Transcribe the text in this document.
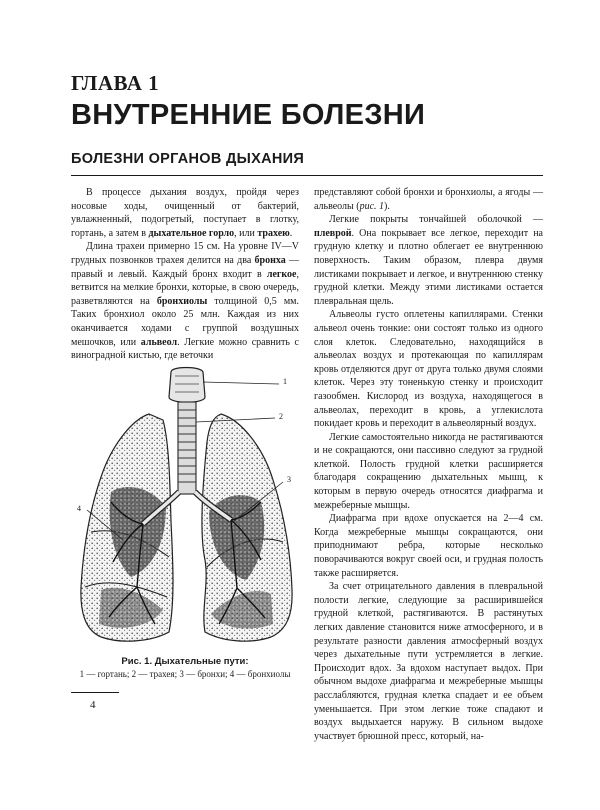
ГЛАВА 1
ВНУТРЕННИЕ БОЛЕЗНИ
БОЛЕЗНИ ОРГАНОВ ДЫХАНИЯ

В процессе дыхания воздух, пройдя через носовые ходы, очищенный от бактерий, увлажненный, подогретый, поступает в глотку, гортань, а затем в дыхательное горло, или трахею.

Длина трахеи примерно 15 см. На уровне IV—V грудных позвонков трахея делится на два бронха — правый и левый. Каждый бронх входит в легкое, ветвится на мелкие бронхи, которые, в свою очередь, разветвляются на бронхиолы толщиной 0,5 мм. Таких бронхиол около 25 млн. Каждая из них оканчивается ходами с группой воздушных мешочков, или альвеол. Легкие можно сравнить с виноградной кистью, где веточки

1
2
3
4
Рис. 1. Дыхательные пути:
1 — гортань; 2 — трахея; 3 — бронхи; 4 — бронхиолы

представляют собой бронхи и бронхиолы, а ягоды — альвеолы (рис. 1).

Легкие покрыты тончайшей оболочкой — плеврой. Она покрывает все легкое, переходит на грудную клетку и плотно облегает ее внутреннюю поверхность. Таким образом, плевра двумя листиками покрывает и легкое, и внутреннюю стенку грудной клетки. Между этими листиками остается плевральная щель.

Альвеолы густо оплетены капиллярами. Стенки альвеол очень тонкие: они состоят только из одного слоя клеток. Следовательно, находящийся в альвеолах воздух и протекающая по капиллярам кровь отделяются друг от друга только двумя слоями клеток. Через эту тоненькую стенку и происходит газообмен. Кислород из воздуха, находящегося в альвеолах, переходит в кровь, а углекислота покидает кровь и переходит в альвеолярный воздух.

Легкие самостоятельно никогда не растягиваются и не сокращаются, они пассивно следуют за грудной клеткой. Полость грудной клетки расширяется благодаря сокращению дыхательных мышц, к которым в первую очередь относятся диафрагма и межреберные мышцы.

Диафрагма при вдохе опускается на 2—4 см. Когда межреберные мышцы сокращаются, они приподнимают ребра, которые несколько поворачиваются вокруг своей оси, и грудная полость также расширяется.

За счет отрицательного давления в плевральной полости легкие, следующие за расширившейся грудной клеткой, растягиваются. В растянутых легких давление становится ниже атмосферного, и в результате разности давления атмосферный воздух через дыхательные пути устремляется в легкие. Происходит вдох. За вдохом наступает выдох. При обычном выдохе диафрагма и межреберные мышцы расслабляются, грудная клетка спадает и ее объем уменьшается. При этом легкие тоже спадают и воздух выдыхается наружу. В сильном выдохе участвует брюшной пресс, который, на-

4
